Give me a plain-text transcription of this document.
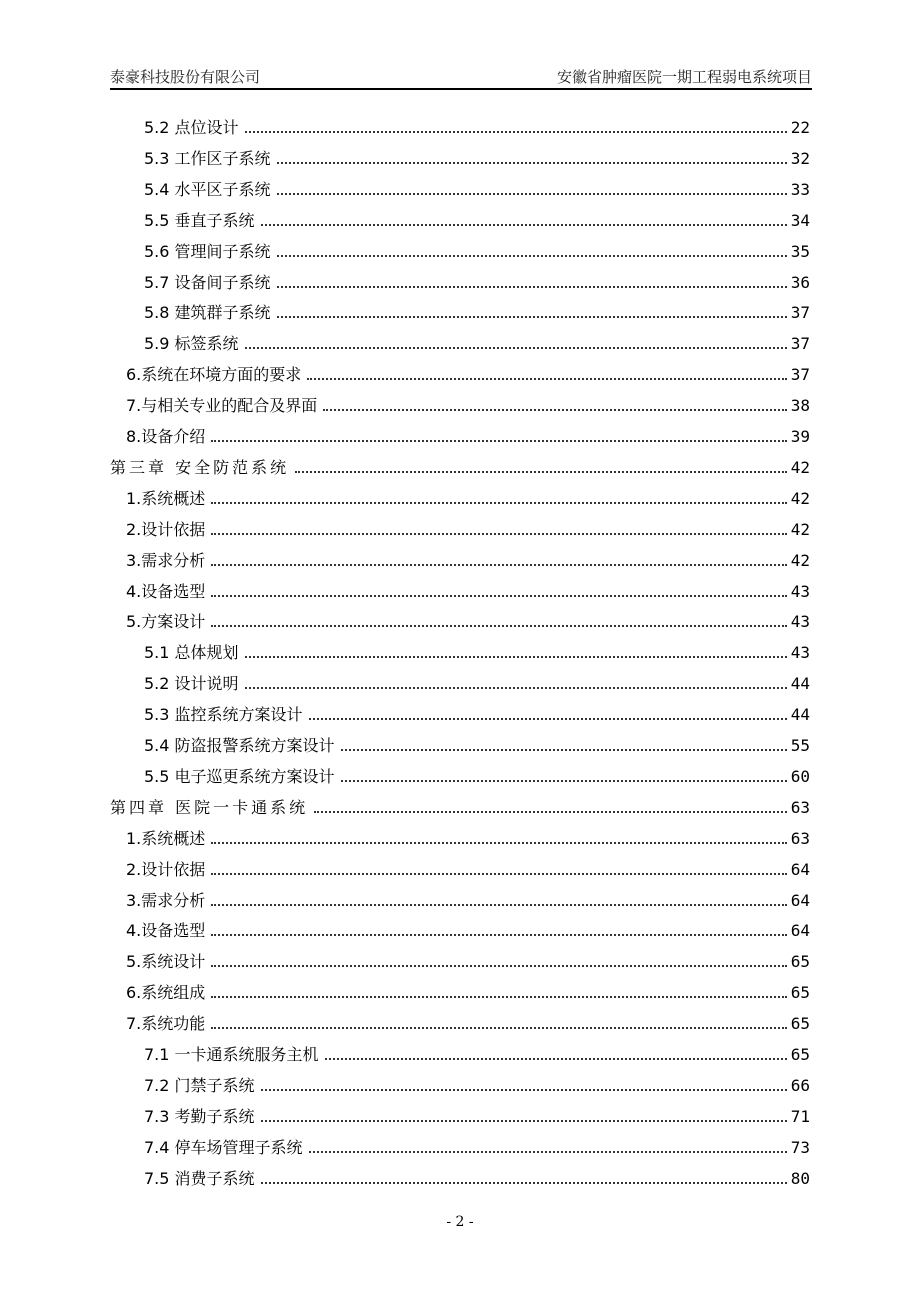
泰豪科技股份有限公司	安徽省肿瘤医院一期工程弱电系统项目
5.2 点位设计	22
5.3 工作区子系统	32
5.4 水平区子系统	33
5.5 垂直子系统	34
5.6 管理间子系统	35
5.7 设备间子系统	36
5.8 建筑群子系统	37
5.9 标签系统	37
6.系统在环境方面的要求	37
7.与相关专业的配合及界面	38
8.设备介绍	39
第三章 安全防范系统	42
1.系统概述	42
2.设计依据	42
3.需求分析	42
4.设备选型	43
5.方案设计	43
5.1 总体规划	43
5.2 设计说明	44
5.3 监控系统方案设计	44
5.4 防盗报警系统方案设计	55
5.5 电子巡更系统方案设计	60
第四章 医院一卡通系统	63
1.系统概述	63
2.设计依据	64
3.需求分析	64
4.设备选型	64
5.系统设计	65
6.系统组成	65
7.系统功能	65
7.1 一卡通系统服务主机	65
7.2 门禁子系统	66
7.3 考勤子系统	71
7.4 停车场管理子系统	73
7.5 消费子系统	80
- 2 -
